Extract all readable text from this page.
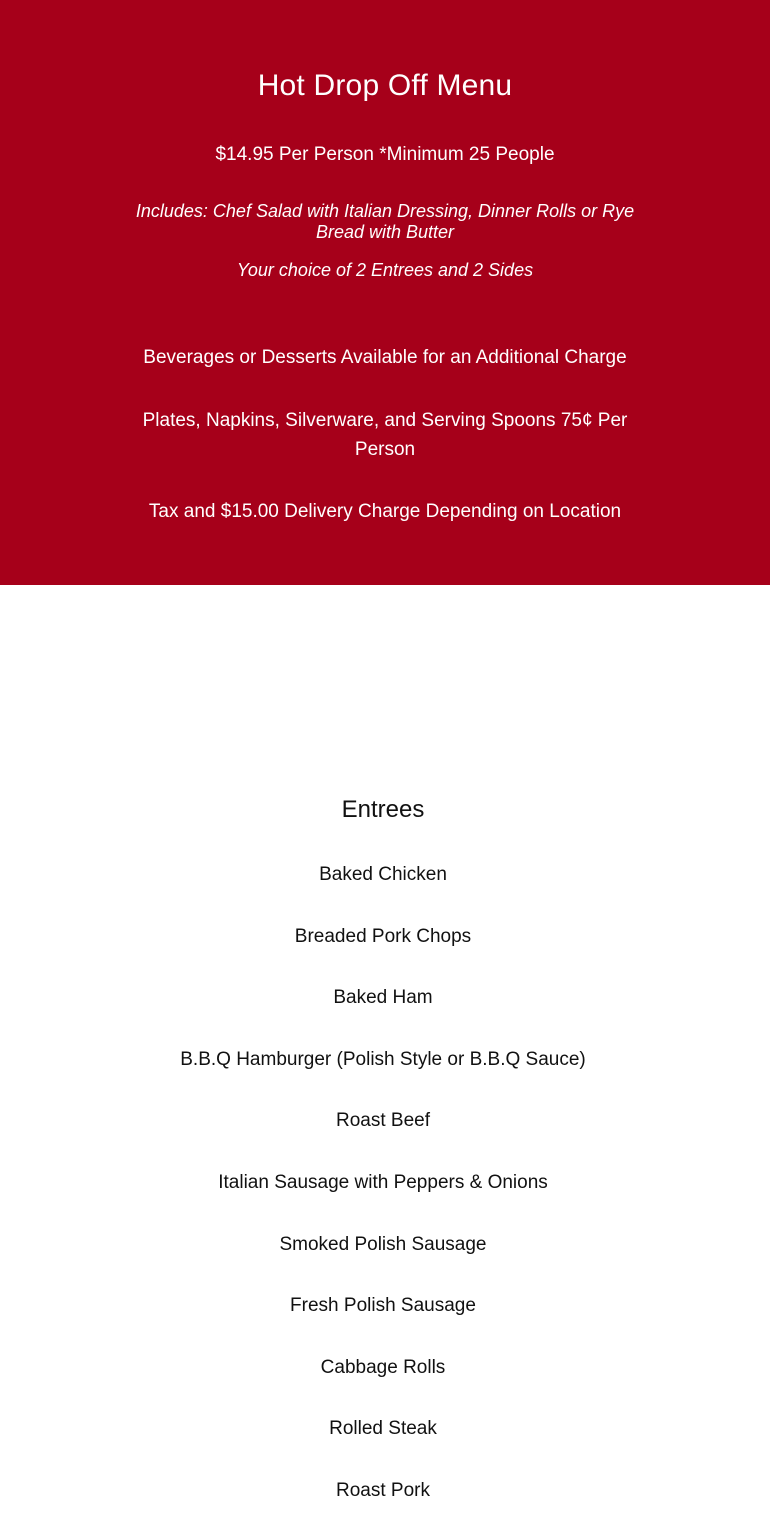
Hot Drop Off Menu

$14.95 Per Person *Minimum 25 People

Includes: Chef Salad with Italian Dressing, Dinner Rolls or Rye Bread with Butter

Your choice of 2 Entrees and 2 Sides

Beverages or Desserts Available for an Additional Charge

Plates, Napkins, Silverware, and Serving Spoons 75¢ Per Person

Tax and $15.00 Delivery Charge Depending on Location

Entrees
Baked Chicken
Breaded Pork Chops
Baked Ham
B.B.Q Hamburger (Polish Style or B.B.Q Sauce)
Roast Beef
Italian Sausage with Peppers & Onions
Smoked Polish Sausage
Fresh Polish Sausage
Cabbage Rolls
Rolled Steak
Roast Pork
